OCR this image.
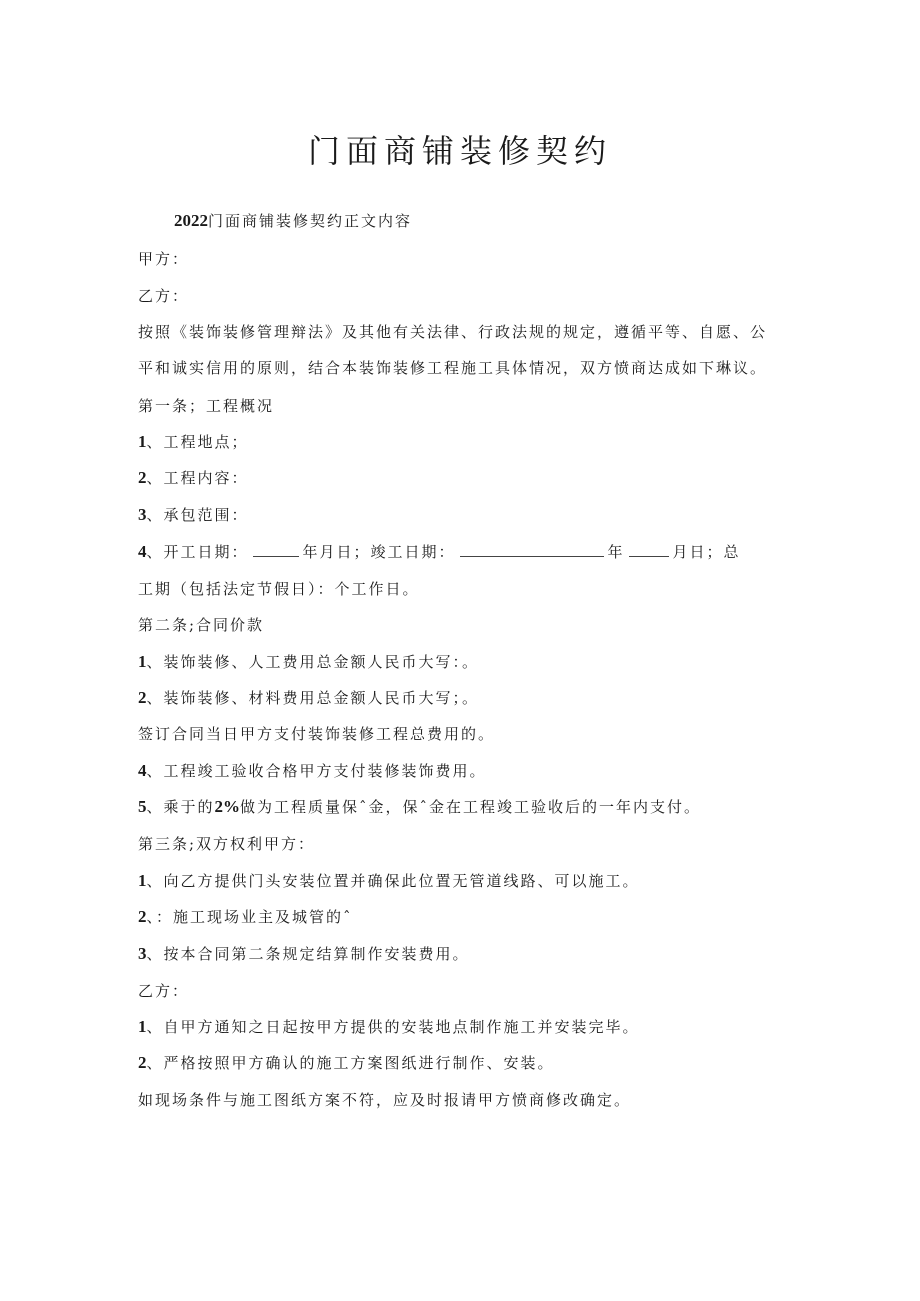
门面商铺装修契约

2022门面商铺装修契约正文内容

甲方：

乙方：

按照《装饰装修管理辩法》及其他有关法律、行政法规的规定，遵循平等、自愿、公

平和诚实信用的原则，结合本装饰装修工程施工具体情况，双方愤商达成如下琳议。

第一条；工程概况

1、工程地点；

2、工程内容：

3、承包范围：

4、开工日期：	年月日；竣工日期：	年	月日；总

工期（包括法定节假日）：个工作日。

第二条;合同价款

1、装饰装修、人工费用总金额人民币大写：。

2、装饰装修、材料费用总金额人民币大写；。

签订合同当日甲方支付装饰装修工程总费用的。

4、工程竣工验收合格甲方支付装修装饰费用。

5、乘于的2%做为工程质量保ˆ金，保ˆ金在工程竣工验收后的一年内支付。

第三条;双方权利甲方：

1、向乙方提供门头安装位置并确保此位置无管道线路、可以施工。

2、：施工现场业主及城管的ˆ

3、按本合同第二条规定结算制作安装费用。

乙方：

1、自甲方通知之日起按甲方提供的安装地点制作施工并安装完毕。

2、严格按照甲方确认的施工方案图纸进行制作、安装。

如现场条件与施工图纸方案不符，应及时报请甲方愤商修改确定。
